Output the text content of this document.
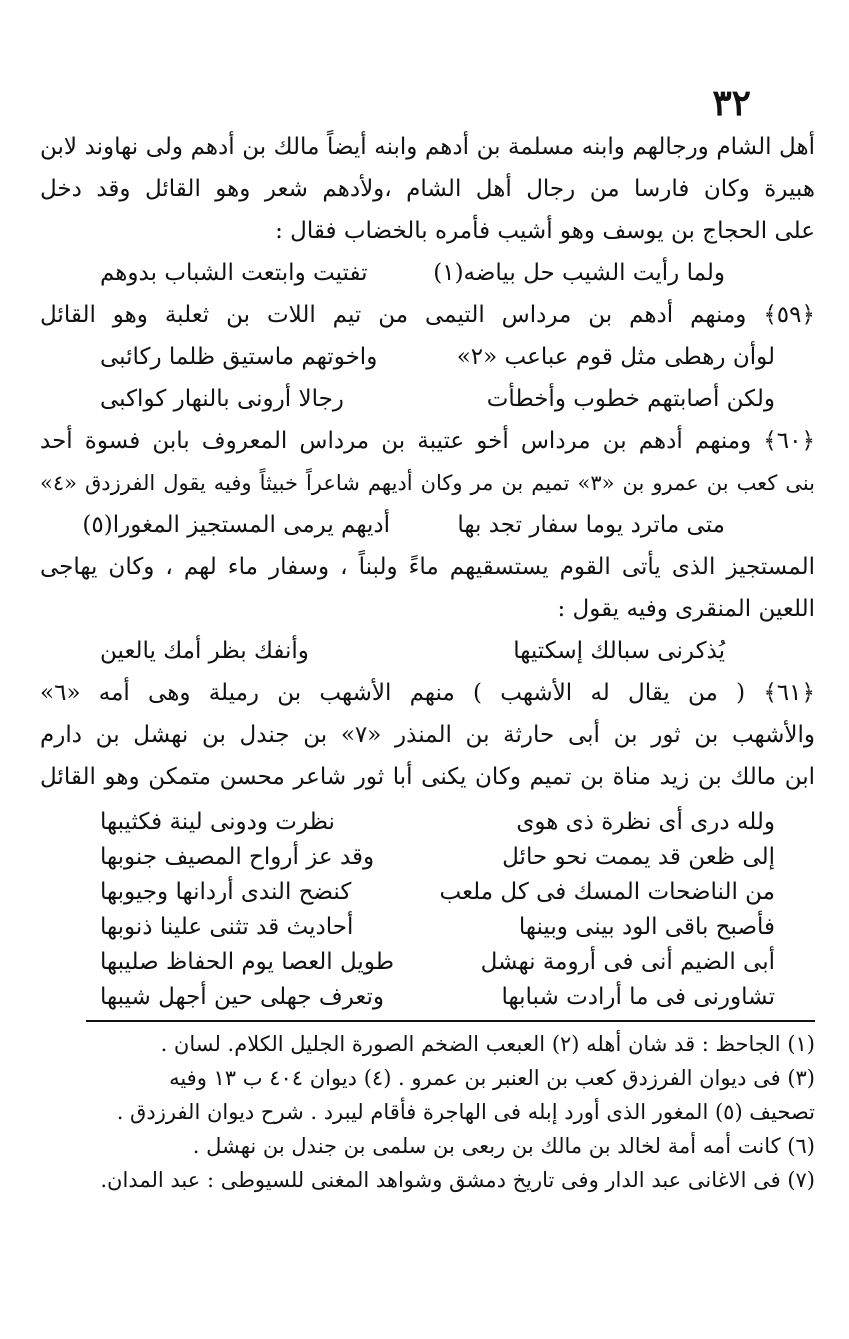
٣٢
أهل الشام ورجالهم وابنه مسلمة بن أدهم وابنه أيضاً مالك بن أدهم ولى نهاوند لابن
هبيرة وكان فارسا من رجال أهل الشام ،ولأدهم شعر وهو القائل وقد دخل
على الحجاج بن يوسف وهو أشيب فأمره بالخضاب فقال :
ولما رأيت الشيب حل بياضه(١)
تفتيت وابتعت الشباب بدوهم
﴿٥٩﴾ ومنهم أدهم بن مرداس التيمى من تيم اللات بن ثعلبة وهو القائل
لوأن رهطى مثل قوم عباعب «٢»
واخوتهم ماستيق ظلما ركائبى
ولكن أصابتهم خطوب وأخطأت
رجالا أرونى بالنهار كواكبى
﴿٦٠﴾ ومنهم أدهم بن مرداس أخو عتيبة بن مرداس المعروف بابن فسوة أحد
بنى كعب بن عمرو بن «٣» تميم بن مر وكان أديهم شاعراً خبيثاً وفيه يقول الفرزدق «٤»
متى ماترد يوما سفار تجد بها
أديهم يرمى المستجيز المغورا(٥)
المستجيز الذى يأتى القوم يستسقيهم ماءً ولبناً ، وسفار ماء لهم ، وكان يهاجى
اللعين المنقرى وفيه يقول :
يُذكرنى سبالك إسكتيها
وأنفك بظر أمك يالعين
﴿٦١﴾ ( من يقال له الأشهب ) منهم الأشهب بن رميلة وهى أمه «٦»
والأشهب بن ثور بن أبى حارثة بن المنذر «٧» بن جندل بن نهشل بن دارم
ابن مالك بن زيد مناة بن تميم وكان يكنى أبا ثور شاعر محسن متمكن وهو القائل
ولله درى أى نظرة ذى هوى
نظرت ودونى لينة فكثيبها
إلى ظعن قد يممت نحو حائل
وقد عز أرواح المصيف جنوبها
من الناضحات المسك فى كل ملعب
كنضح الندى أردانها وجيوبها
فأصبح باقى الود بينى وبينها
أحاديث قد تثنى علينا ذنوبها
أبى الضيم أنى فى أرومة نهشل
طويل العصا يوم الحفاظ صليبها
تشاورنى فى ما أرادت شبابها
وتعرف جهلى حين أجهل شيبها
(١) الجاحظ : قد شان أهله (٢) العبعب الضخم الصورة الجليل الكلام. لسان .
(٣) فى ديوان الفرزدق كعب بن العنبر بن عمرو . (٤) ديوان ٤٠٤ ب ١٣ وفيه
تصحيف (٥) المغور الذى أورد إبله فى الهاجرة فأقام ليبرد . شرح ديوان الفرزدق .
(٦) كانت أمه أمة لخالد بن مالك بن ربعى بن سلمى بن جندل بن نهشل .
(٧) فى الاغانى عبد الدار وفى تاريخ دمشق وشواهد المغنى للسيوطى : عبد المدان.
